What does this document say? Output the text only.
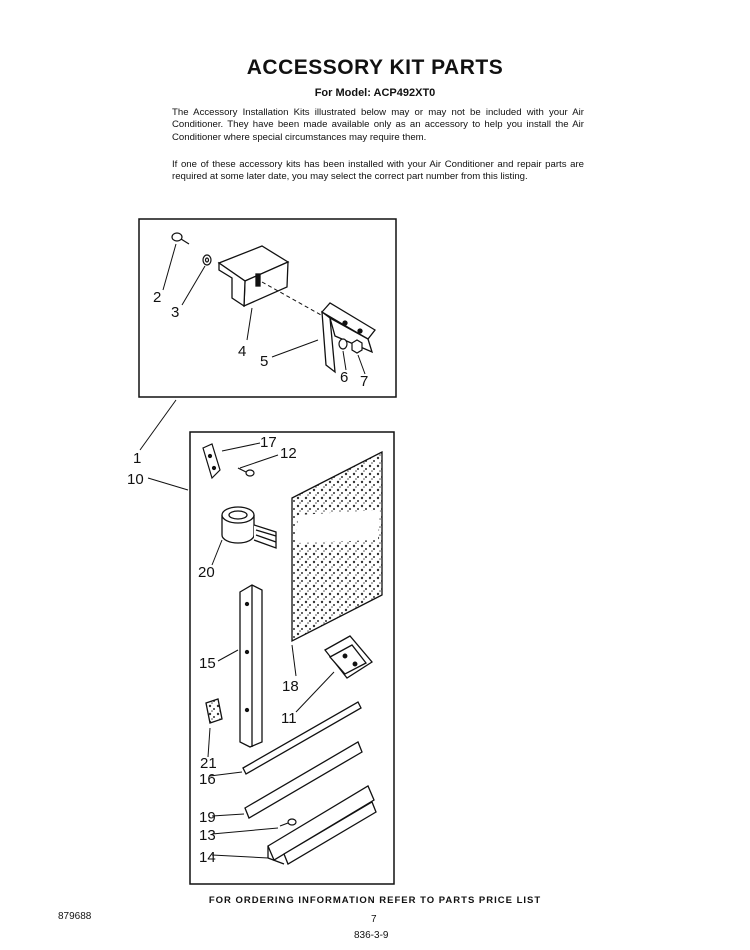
ACCESSORY KIT PARTS
For Model: ACP492XT0

The Accessory Installation Kits illustrated below may or may not be included with your Air Conditioner. They have been made available only as an accessory to help you install the Air Conditioner where special circumstances may require them.

If one of these accessory kits has been installed with your Air Conditioner and repair parts are required at some later date, you may select the correct part number from this listing.

1
2
3
4
5
6 7
10
17
12
20
15
18
11
21
16
19
13
14
FOR ORDERING INFORMATION REFER TO PARTS PRICE LIST
879688	7
836-3-9
